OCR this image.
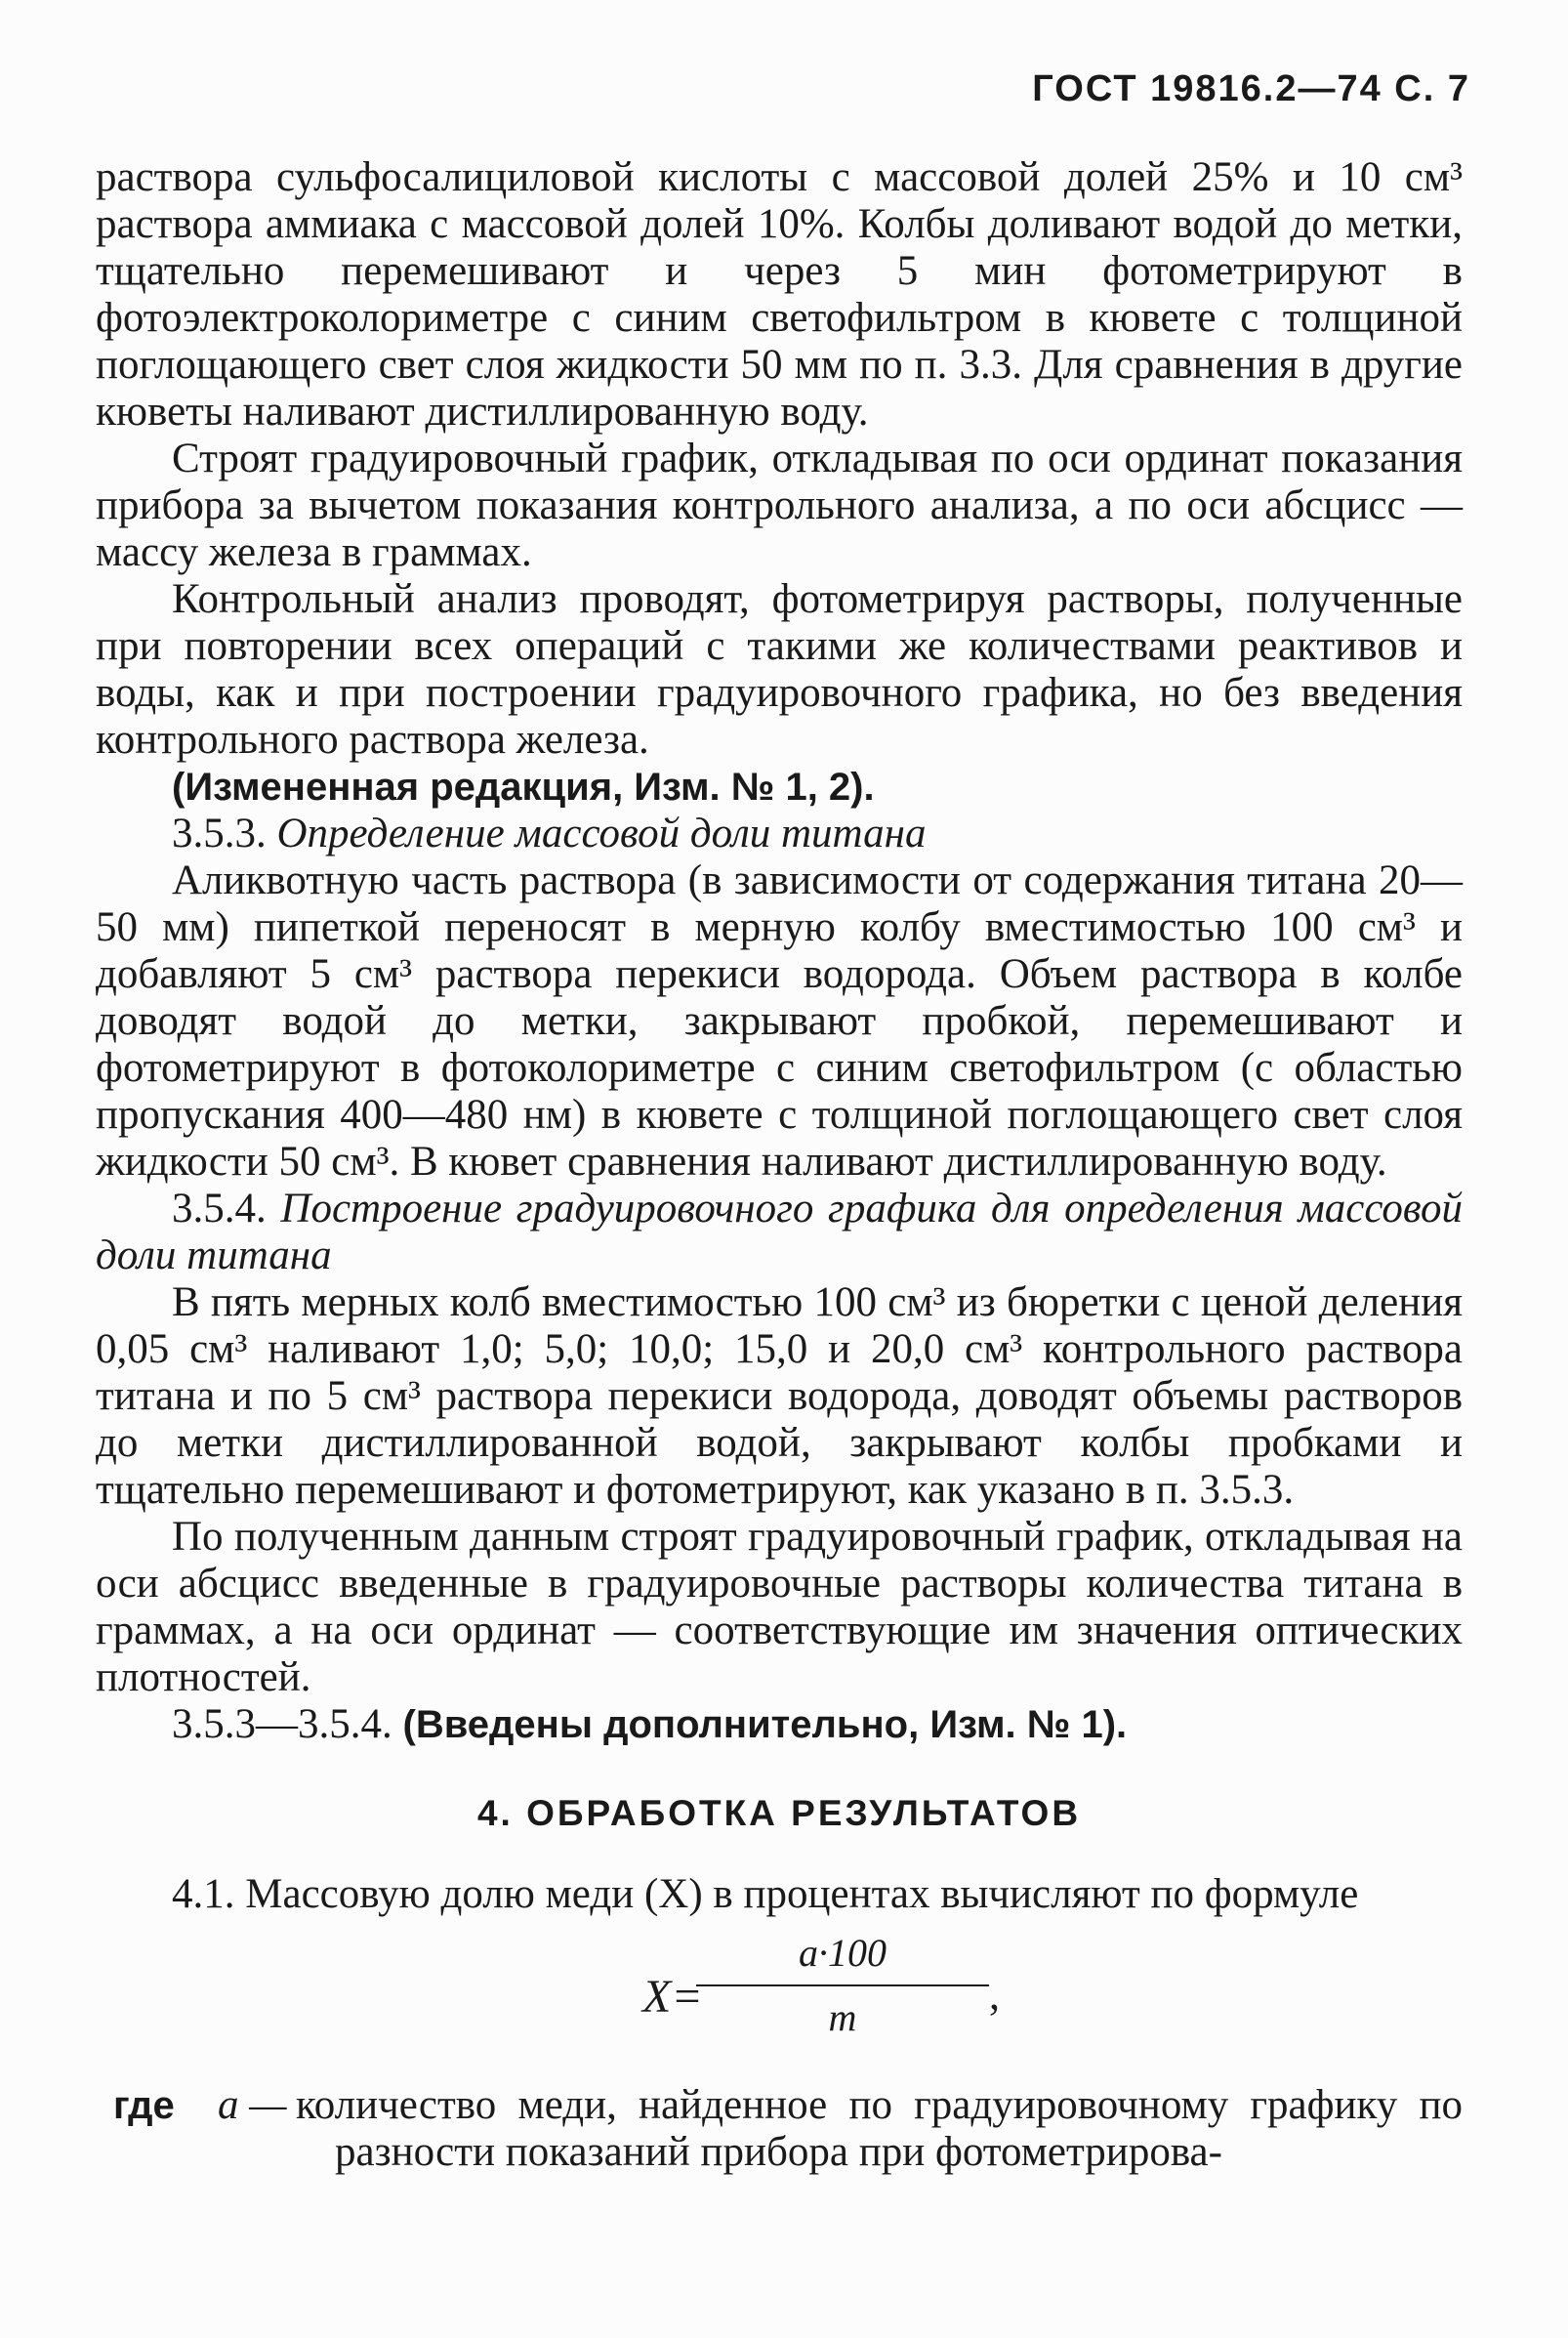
ГОСТ 19816.2—74 С. 7

раствора сульфосалициловой кислоты с массовой долей 25% и 10 см³ раствора аммиака с массовой долей 10%. Колбы доливают водой до метки, тщательно перемешивают и через 5 мин фотометрируют в фотоэлектроколориметре с синим светофильтром в кювете с толщиной поглощающего свет слоя жидкости 50 мм по п. 3.3. Для сравнения в другие кюветы наливают дистиллированную воду.

Строят градуировочный график, откладывая по оси ординат показания прибора за вычетом показания контрольного анализа, а по оси абсцисс — массу железа в граммах.

Контрольный анализ проводят, фотометрируя растворы, полученные при повторении всех операций с такими же количествами реактивов и воды, как и при построении градуировочного графика, но без введения контрольного раствора железа.

(Измененная редакция, Изм. № 1, 2).

3.5.3. Определение массовой доли титана

Аликвотную часть раствора (в зависимости от содержания титана 20—50 мм) пипеткой переносят в мерную колбу вместимостью 100 см³ и добавляют 5 см³ раствора перекиси водорода. Объем раствора в колбе доводят водой до метки, закрывают пробкой, перемешивают и фотометрируют в фотоколориметре с синим светофильтром (с областью пропускания 400—480 нм) в кювете с толщиной поглощающего свет слоя жидкости 50 см³. В кювет сравнения наливают дистиллированную воду.

3.5.4. Построение градуировочного графика для определения массовой доли титана

В пять мерных колб вместимостью 100 см³ из бюретки с ценой деления 0,05 см³ наливают 1,0; 5,0; 10,0; 15,0 и 20,0 см³ контрольного раствора титана и по 5 см³ раствора перекиси водорода, доводят объемы растворов до метки дистиллированной водой, закрывают колбы пробками и тщательно перемешивают и фотометрируют, как указано в п. 3.5.3.

По полученным данным строят градуировочный график, откладывая на оси абсцисс введенные в градуировочные растворы количества титана в граммах, а на оси ординат — соответствующие им значения оптических плотностей.

3.5.3—3.5.4. (Введены дополнительно, Изм. № 1).

4. ОБРАБОТКА РЕЗУЛЬТАТОВ

4.1. Массовую долю меди (X) в процентах вычисляют по формуле

X=
a·100
m	,
где a — количество меди, найденное по градуировочному графику по разности показаний прибора при фотометрирова-
